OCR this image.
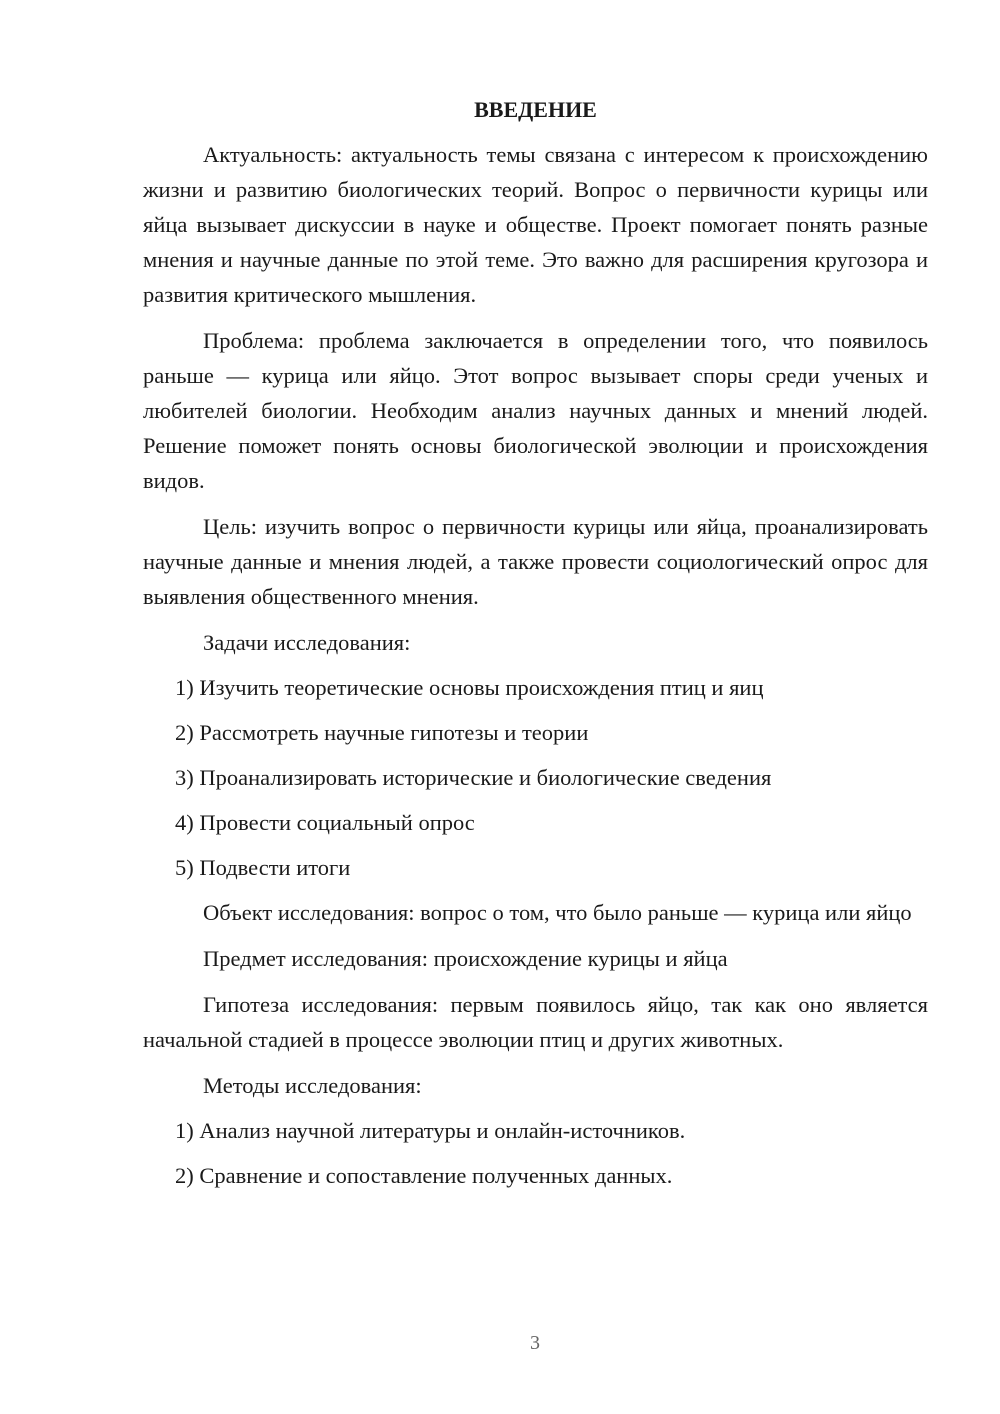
ВВЕДЕНИЕ

Актуальность: актуальность темы связана с интересом к происхождению жизни и развитию биологических теорий. Вопрос о первичности курицы или яйца вызывает дискуссии в науке и обществе. Проект помогает понять разные мнения и научные данные по этой теме. Это важно для расширения кругозора и развития критического мышления.

Проблема: проблема заключается в определении того, что появилось раньше — курица или яйцо. Этот вопрос вызывает споры среди ученых и любителей биологии. Необходим анализ научных данных и мнений людей. Решение поможет понять основы биологической эволюции и происхождения видов.

Цель: изучить вопрос о первичности курицы или яйца, проанализировать научные данные и мнения людей, а также провести социологический опрос для выявления общественного мнения.

Задачи исследования:

1) Изучить теоретические основы происхождения птиц и яиц
2) Рассмотреть научные гипотезы и теории
3) Проанализировать исторические и биологические сведения
4) Провести социальный опрос
5) Подвести итоги

Объект исследования: вопрос о том, что было раньше — курица или яйцо

Предмет исследования: происхождение курицы и яйца

Гипотеза исследования: первым появилось яйцо, так как оно является начальной стадией в процессе эволюции птиц и других животных.

Методы исследования:

1) Анализ научной литературы и онлайн-источников.
2) Сравнение и сопоставление полученных данных.
3
